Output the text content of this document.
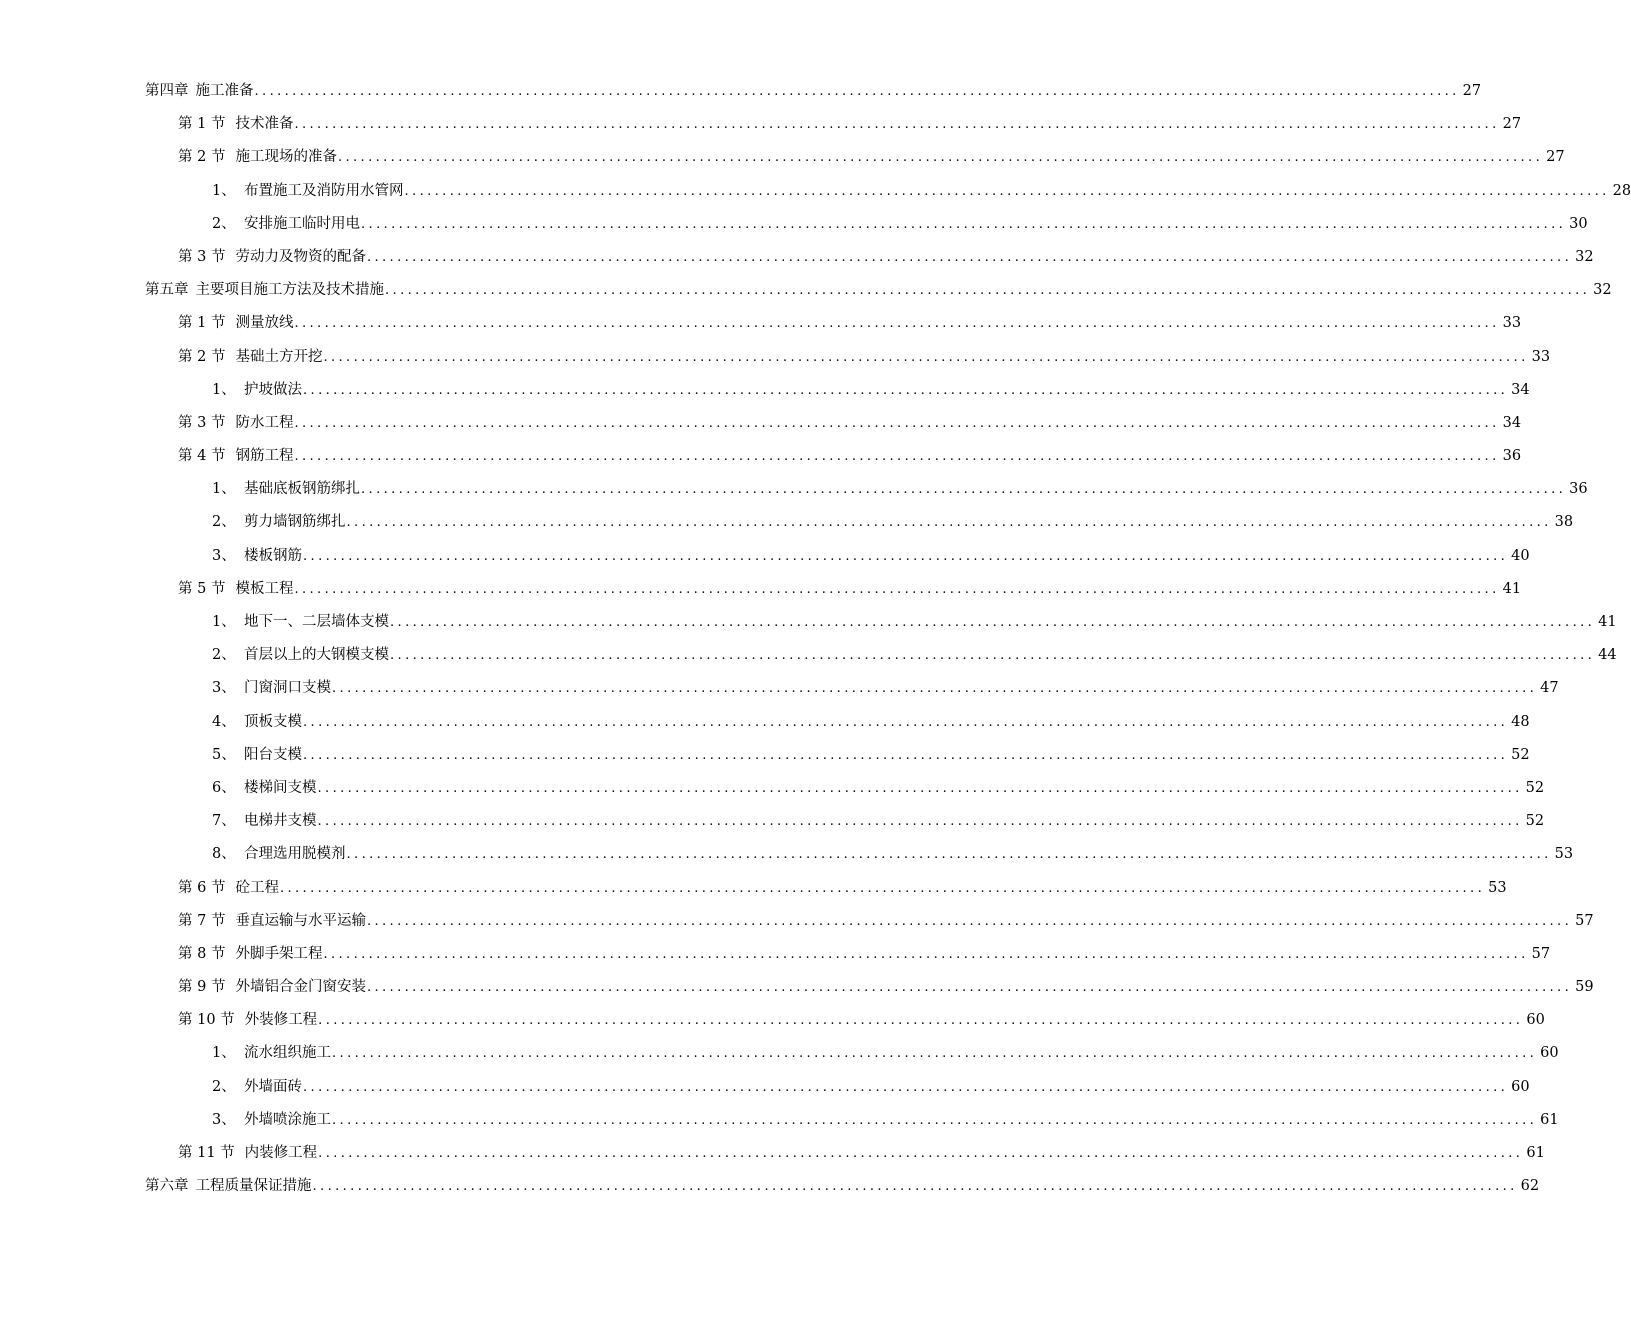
第四章 施工准备 ................................................................................................................................................................ 27
第 1 节 技术准备 ................................................................................................................................................................ 27
第 2 节 施工现场的准备 ................................................................................................................................................................ 27
1、 布置施工及消防用水管网 ................................................................................................................................................................ 28
2、 安排施工临时用电 ................................................................................................................................................................ 30
第 3 节 劳动力及物资的配备 ................................................................................................................................................................ 32
第五章 主要项目施工方法及技术措施 ................................................................................................................................................................ 32
第 1 节 测量放线 ................................................................................................................................................................ 33
第 2 节 基础土方开挖 ................................................................................................................................................................ 33
1、 护坡做法 ................................................................................................................................................................ 34
第 3 节 防水工程 ................................................................................................................................................................ 34
第 4 节 钢筋工程 ................................................................................................................................................................ 36
1、 基础底板钢筋绑扎 ................................................................................................................................................................ 36
2、 剪力墙钢筋绑扎 ................................................................................................................................................................ 38
3、 楼板钢筋 ................................................................................................................................................................ 40
第 5 节 模板工程 ................................................................................................................................................................ 41
1、 地下一、二层墙体支模 ................................................................................................................................................................ 41
2、 首层以上的大钢模支模 ................................................................................................................................................................ 44
3、 门窗洞口支模 ................................................................................................................................................................ 47
4、 顶板支模 ................................................................................................................................................................ 48
5、 阳台支模 ................................................................................................................................................................ 52
6、 楼梯间支模 ................................................................................................................................................................ 52
7、 电梯井支模 ................................................................................................................................................................ 52
8、 合理选用脱模剂 ................................................................................................................................................................ 53
第 6 节 砼工程 ................................................................................................................................................................ 53
第 7 节 垂直运输与水平运输 ................................................................................................................................................................ 57
第 8 节 外脚手架工程 ................................................................................................................................................................ 57
第 9 节 外墙铝合金门窗安装 ................................................................................................................................................................ 59
第 10 节 外装修工程 ................................................................................................................................................................ 60
1、 流水组织施工 ................................................................................................................................................................ 60
2、 外墙面砖 ................................................................................................................................................................ 60
3、 外墙喷涂施工 ................................................................................................................................................................ 61
第 11 节 内装修工程 ................................................................................................................................................................ 61
第六章 工程质量保证措施 ................................................................................................................................................................ 62
